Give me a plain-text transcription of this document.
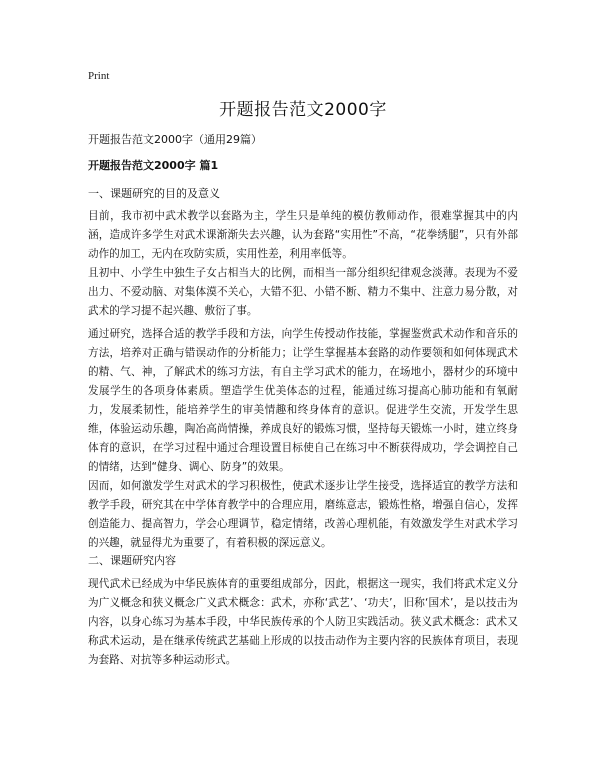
Print
开题报告范文2000字

开题报告范文2000字（通用29篇）

开题报告范文2000字 篇1

一、课题研究的目的及意义

目前，我市初中武术教学以套路为主，学生只是单纯的模仿教师动作，很难掌握其中的内涵，造成许多学生对武术课渐渐失去兴趣，认为套路“实用性”不高，“花拳绣腿”，只有外部动作的加工，无内在攻防实质，实用性差，利用率低等。

且初中、小学生中独生子女占相当大的比例，而相当一部分组织纪律观念淡薄。表现为不爱出力、不爱动脑、对集体漠不关心，大错不犯、小错不断、精力不集中、注意力易分散，对武术的学习提不起兴趣、敷衍了事。

通过研究，选择合适的教学手段和方法，向学生传授动作技能，掌握鉴赏武术动作和音乐的方法，培养对正确与错误动作的分析能力；让学生掌握基本套路的动作要领和如何体现武术的精、气、神，了解武术的练习方法，有自主学习武术的能力，在场地小，器材少的环境中发展学生的各项身体素质。塑造学生优美体态的过程，能通过练习提高心肺功能和有氧耐力，发展柔韧性，能培养学生的审美情趣和终身体育的意识。促进学生交流，开发学生思维，体验运动乐趣，陶冶高尚情操，养成良好的锻炼习惯，坚持每天锻炼一小时，建立终身体育的意识，在学习过程中通过合理设置目标使自己在练习中不断获得成功，学会调控自己的情绪，达到“健身、调心、防身”的效果。

因而，如何激发学生对武术的学习积极性，使武术逐步让学生接受，选择适宜的教学方法和教学手段，研究其在中学体育教学中的合理应用，磨练意志，锻炼性格，增强自信心，发挥创造能力、提高智力，学会心理调节，稳定情绪，改善心理机能，有效激发学生对武术学习的兴趣，就显得尤为重要了，有着积极的深远意义。

二、课题研究内容

现代武术已经成为中华民族体育的重要组成部分，因此，根据这一现实，我们将武术定义分为广义概念和狭义概念广义武术概念：武术，亦称‘武艺’、‘功夫’，旧称‘国术’，是以技击为内容，以身心练习为基本手段，中华民族传承的个人防卫实践活动。狭义武术概念：武术又称武术运动，是在继承传统武艺基础上形成的以技击动作为主要内容的民族体育项目，表现为套路、对抗等多种运动形式。
